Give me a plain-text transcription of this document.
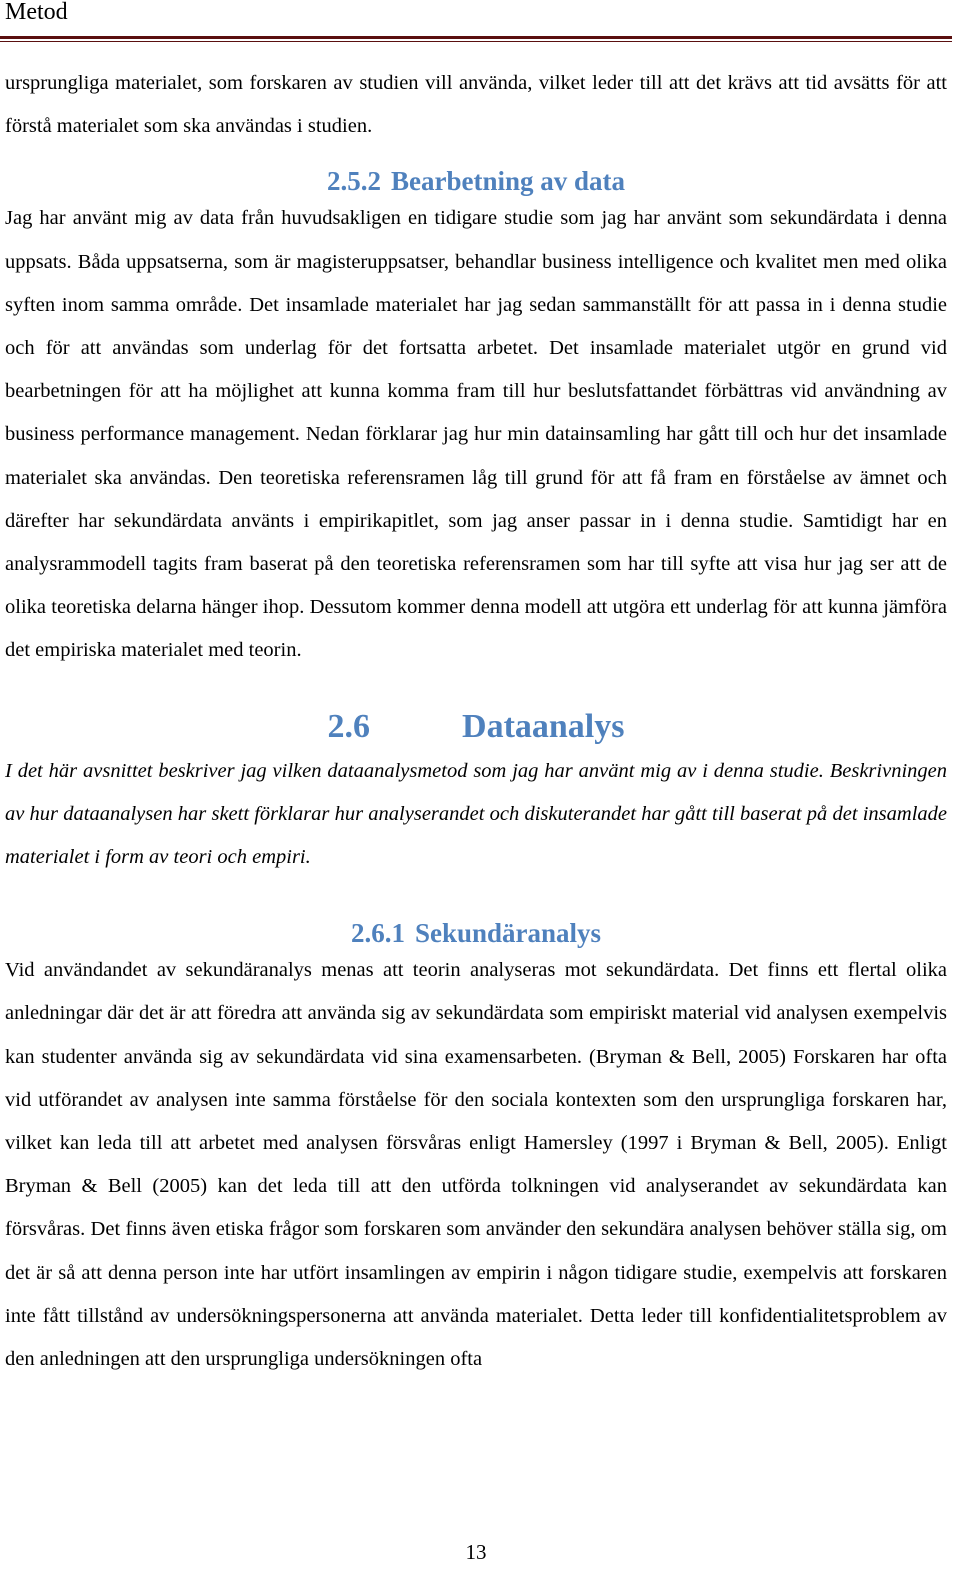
Metod

ursprungliga materialet, som forskaren av studien vill använda, vilket leder till att det krävs att tid avsätts för att förstå materialet som ska användas i studien.

2.5.2 Bearbetning av data

Jag har använt mig av data från huvudsakligen en tidigare studie som jag har använt som sekundärdata i denna uppsats. Båda uppsatserna, som är magisteruppsatser, behandlar business intelligence och kvalitet men med olika syften inom samma område. Det insamlade materialet har jag sedan sammanställt för att passa in i denna studie och för att användas som underlag för det fortsatta arbetet. Det insamlade materialet utgör en grund vid bearbetningen för att ha möjlighet att kunna komma fram till hur beslutsfattandet förbättras vid användning av business performance management. Nedan förklarar jag hur min datainsamling har gått till och hur det insamlade materialet ska användas. Den teoretiska referensramen låg till grund för att få fram en förståelse av ämnet och därefter har sekundärdata använts i empirikapitlet, som jag anser passar in i denna studie. Samtidigt har en analysrammodell tagits fram baserat på den teoretiska referensramen som har till syfte att visa hur jag ser att de olika teoretiska delarna hänger ihop. Dessutom kommer denna modell att utgöra ett underlag för att kunna jämföra det empiriska materialet med teorin.

2.6	Dataanalys

I det här avsnittet beskriver jag vilken dataanalysmetod som jag har använt mig av i denna studie. Beskrivningen av hur dataanalysen har skett förklarar hur analyserandet och diskuterandet har gått till baserat på det insamlade materialet i form av teori och empiri.

2.6.1 Sekundäranalys

Vid användandet av sekundäranalys menas att teorin analyseras mot sekundärdata. Det finns ett flertal olika anledningar där det är att föredra att använda sig av sekundärdata som empiriskt material vid analysen exempelvis kan studenter använda sig av sekundärdata vid sina examensarbeten. (Bryman & Bell, 2005) Forskaren har ofta vid utförandet av analysen inte samma förståelse för den sociala kontexten som den ursprungliga forskaren har, vilket kan leda till att arbetet med analysen försvåras enligt Hamersley (1997 i Bryman & Bell, 2005). Enligt Bryman & Bell (2005) kan det leda till att den utförda tolkningen vid analyserandet av sekundärdata kan försvåras. Det finns även etiska frågor som forskaren som använder den sekundära analysen behöver ställa sig, om det är så att denna person inte har utfört insamlingen av empirin i någon tidigare studie, exempelvis att forskaren inte fått tillstånd av undersökningspersonerna att använda materialet. Detta leder till konfidentialitetsproblem av den anledningen att den ursprungliga undersökningen ofta

13
